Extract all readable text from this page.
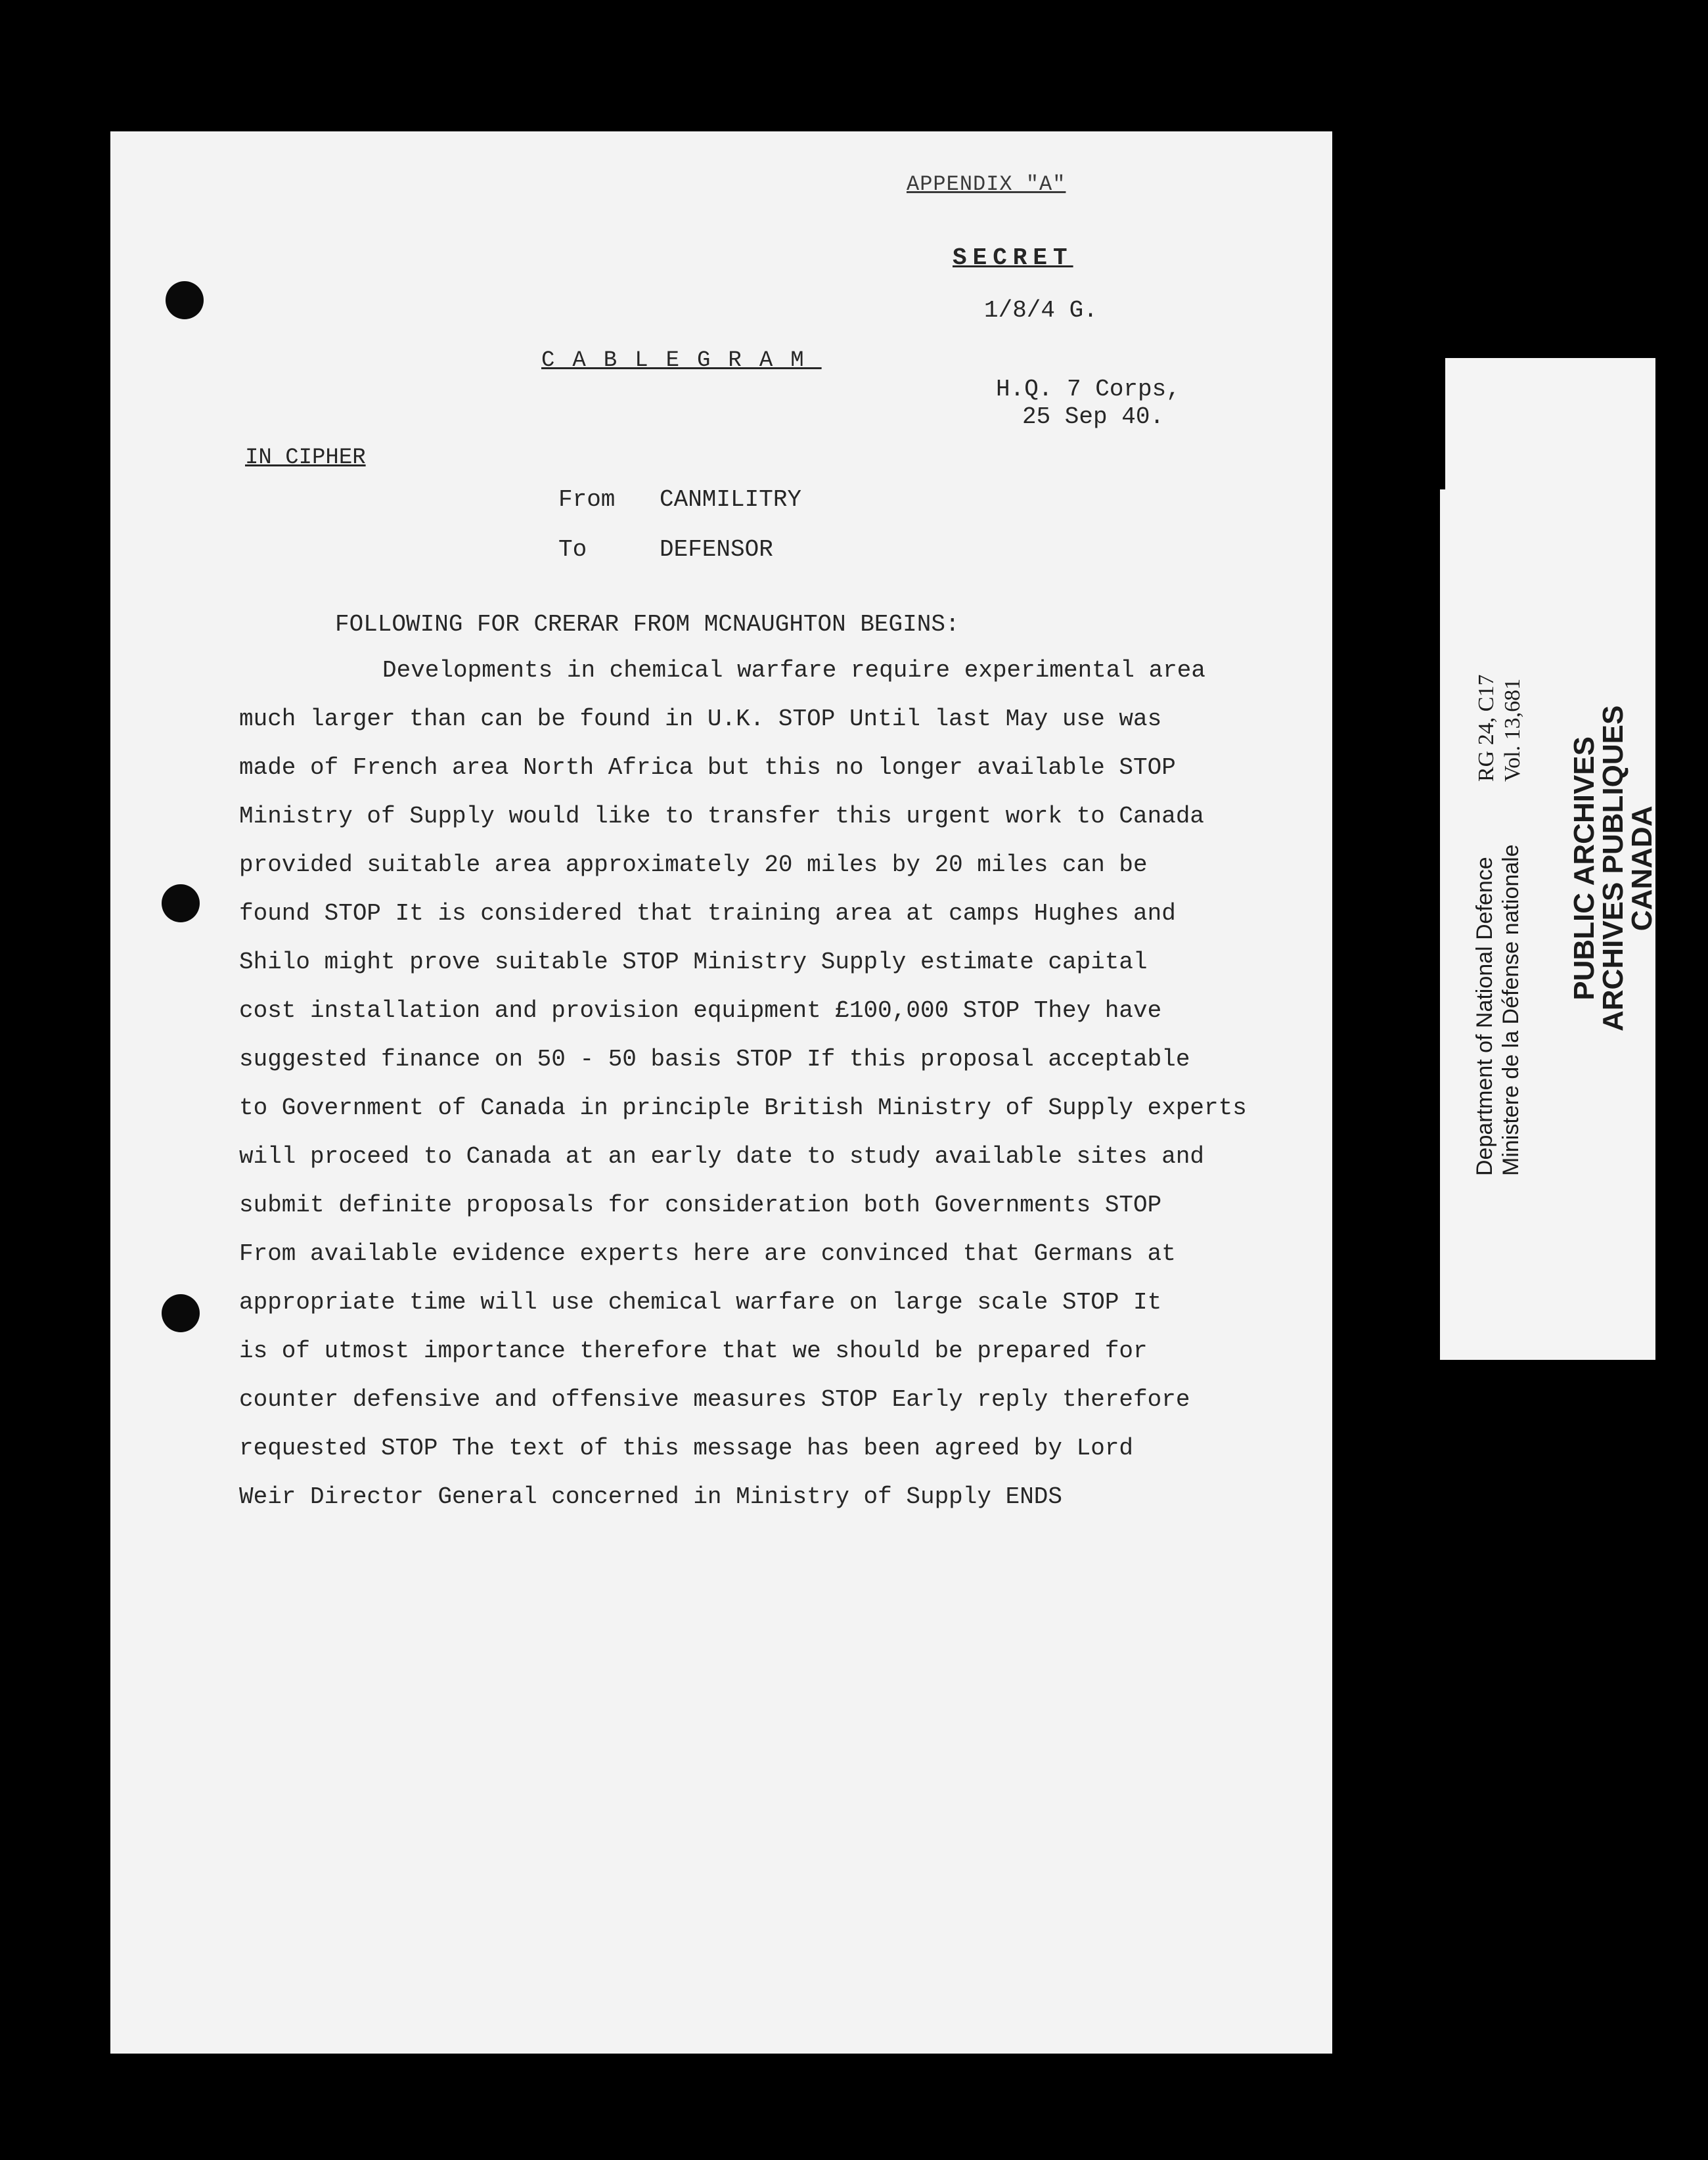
APPENDIX "A"
SECRET
1/8/4 G.
CABLEGRAM
H.Q. 7 Corps,
25 Sep 40.
IN CIPHER
From CANMILITRY
To	DEFENSOR
FOLLOWING FOR CRERAR FROM MCNAUGHTON BEGINS:
Developments in chemical warfare require experimental area
much larger than can be found in U.K. STOP Until last May use was
made of French area North Africa but this no longer available STOP
Ministry of Supply would like to transfer this urgent work to Canada
provided suitable area approximately 20 miles by 20 miles can be
found STOP It is considered that training area at camps Hughes and
Shilo might prove suitable STOP Ministry Supply estimate capital
cost installation and provision equipment £100,000 STOP They have
suggested finance on 50 - 50 basis STOP If this proposal acceptable
to Government of Canada in principle British Ministry of Supply experts
will proceed to Canada at an early date to study available sites and
submit definite proposals for consideration both Governments STOP
From available evidence experts here are convinced that Germans at
appropriate time will use chemical warfare on large scale STOP It
is of utmost importance therefore that we should be prepared for
counter defensive and offensive measures STOP Early reply therefore
requested STOP The text of this message has been agreed by Lord
Weir Director General concerned in Ministry of Supply ENDS
Department of National Defence Ministere de la Défense nationale
RG 24, C17 Vol. 13,681
PUBLIC ARCHIVES
ARCHIVES PUBLIQUES
CANADA
